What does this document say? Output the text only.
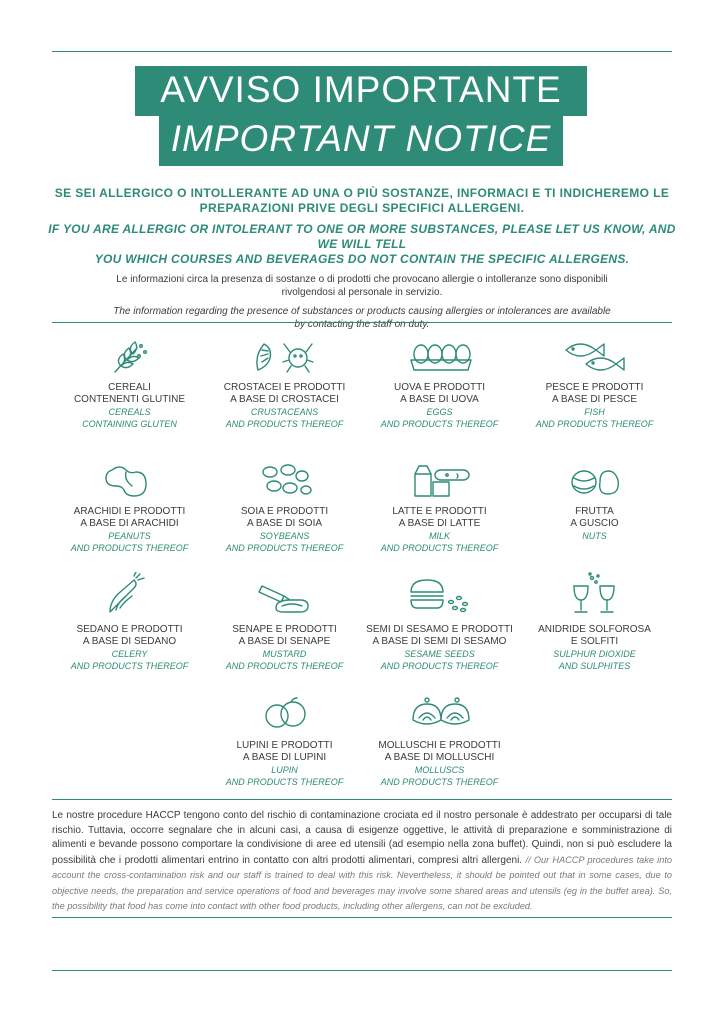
AVVISO IMPORTANTE
IMPORTANT NOTICE

SE SEI ALLERGICO O INTOLLERANTE AD UNA O PIÙ SOSTANZE, INFORMACI E TI INDICHEREMO LE
PREPARAZIONI PRIVE DEGLI SPECIFICI ALLERGENI.

IF YOU ARE ALLERGIC OR INTOLERANT TO ONE OR MORE SUBSTANCES, PLEASE LET US KNOW, AND WE WILL TELL
YOU WHICH COURSES AND BEVERAGES DO NOT CONTAIN THE SPECIFIC ALLERGENS.

Le informazioni circa la presenza di sostanze o di prodotti che provocano allergie o intolleranze sono disponibili
rivolgendosi al personale in servizio.

The information regarding the presence of substances or products causing allergies or intolerances are available
by contacting the staff on duty.

CEREALI
CONTENENTI GLUTINE
CEREALS
CONTAINING GLUTEN
CROSTACEI E PRODOTTI
A BASE DI CROSTACEI
CRUSTACEANS
AND PRODUCTS THEREOF
UOVA E PRODOTTI
A BASE DI UOVA
EGGS
AND PRODUCTS THEREOF
PESCE E PRODOTTI
A BASE DI PESCE
FISH
AND PRODUCTS THEREOF
ARACHIDI E PRODOTTI
A BASE DI ARACHIDI
PEANUTS
AND PRODUCTS THEREOF
SOIA E PRODOTTI
A BASE DI SOIA
SOYBEANS
AND PRODUCTS THEREOF
LATTE E PRODOTTI
A BASE DI LATTE
MILK
AND PRODUCTS THEREOF
FRUTTA
A GUSCIO
NUTS
SEDANO E PRODOTTI
A BASE DI SEDANO
CELERY
AND PRODUCTS THEREOF
SENAPE E PRODOTTI
A BASE DI SENAPE
MUSTARD
AND PRODUCTS THEREOF
SEMI DI SESAMO E PRODOTTI
A BASE DI SEMI DI SESAMO
SESAME SEEDS
AND PRODUCTS THEREOF
ANIDRIDE SOLFOROSA
E SOLFITI
SULPHUR DIOXIDE
AND SULPHITES
LUPINI E PRODOTTI
A BASE DI LUPINI
LUPIN
AND PRODUCTS THEREOF
MOLLUSCHI E PRODOTTI
A BASE DI MOLLUSCHI
MOLLUSCS
AND PRODUCTS THEREOF
Le nostre procedure HACCP tengono conto del rischio di contaminazione crociata ed il nostro personale è addestrato per occuparsi di tale rischio. Tuttavia, occorre segnalare che in alcuni casi, a causa di esigenze oggettive, le attività di preparazione e somministrazione di alimenti e bevande possono comportare la condivisione di aree ed utensili (ad esempio nella zona buffet). Quindi, non si può escludere la possibilità che i prodotti alimentari entrino in contatto con altri prodotti alimentari, compresi altri allergeni. // Our HACCP procedures take into account the cross-contamination risk and our staff is trained to deal with this risk. Nevertheless, it should be pointed out that in some cases, due to objective needs, the preparation and service operations of food and beverages may involve some shared areas and utensils (eg in the buffet area). So, the possibility that food has come into contact with other food products, including other allergens, can not be excluded.
